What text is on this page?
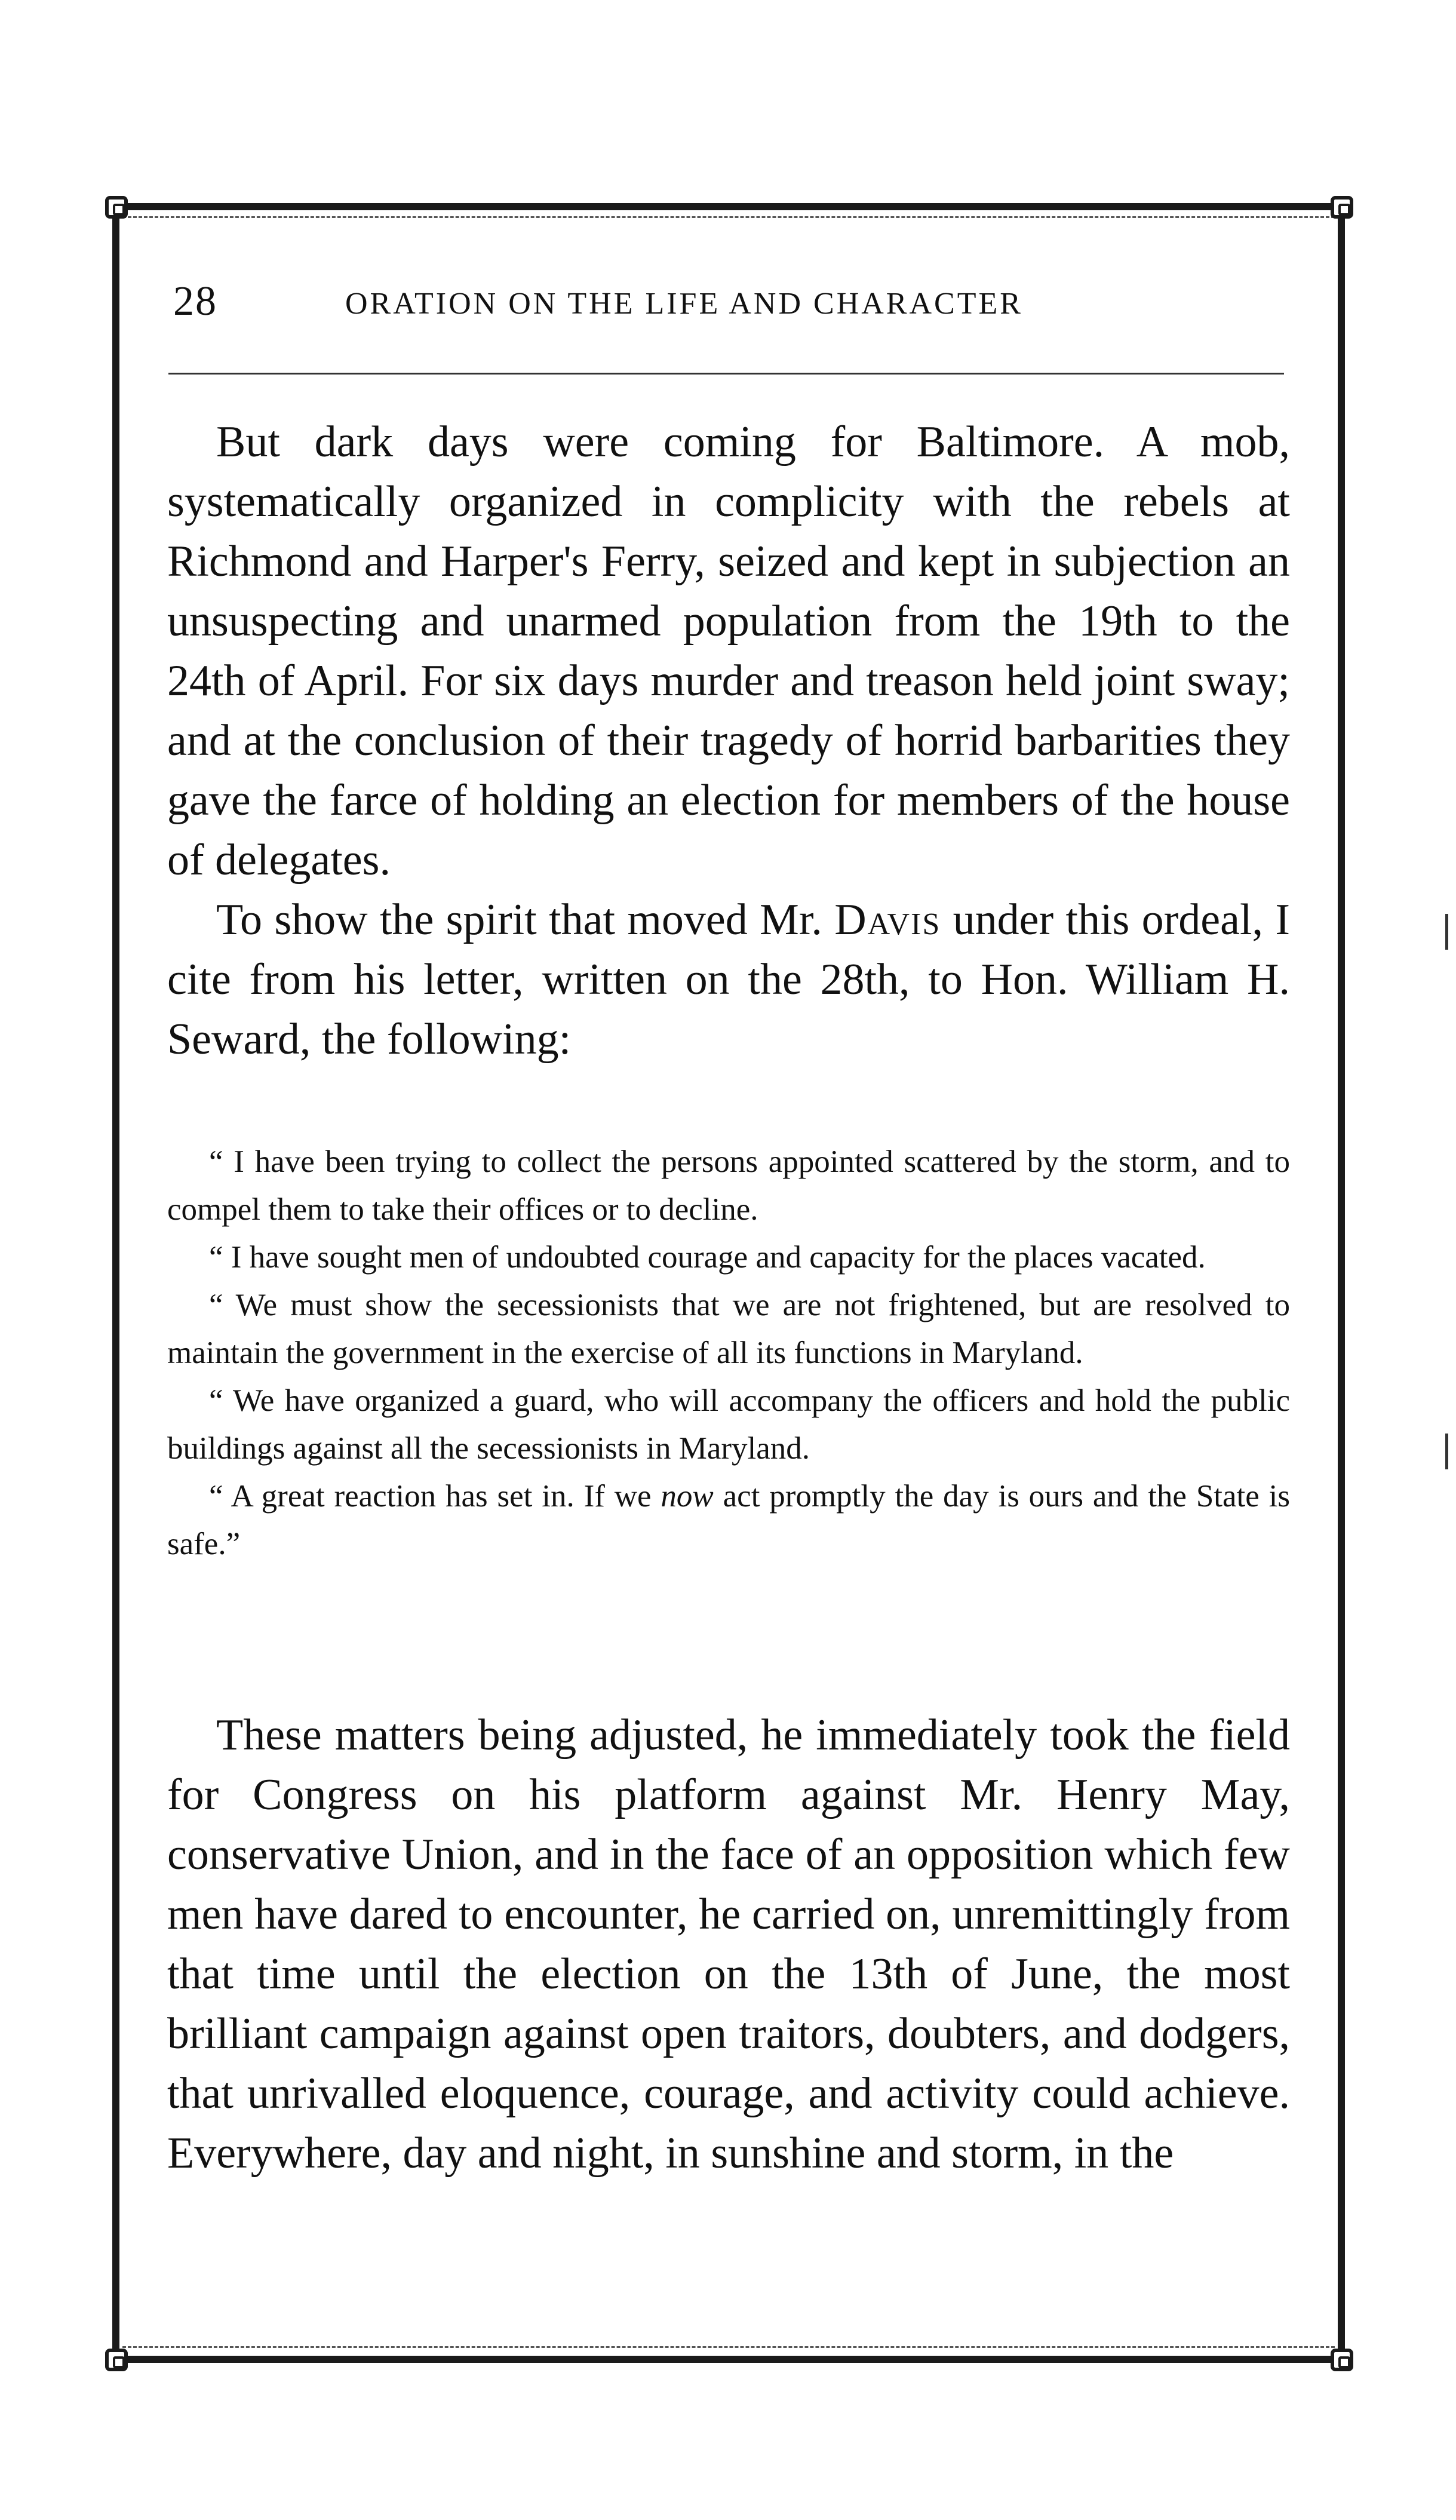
28	ORATION ON THE LIFE AND CHARACTER

But dark days were coming for Baltimore. A mob, systematically organized in complicity with the rebels at Richmond and Harper's Ferry, seized and kept in subjection an unsuspecting and unarmed population from the 19th to the 24th of April. For six days murder and treason held joint sway; and at the conclusion of their tragedy of horrid barbarities they gave the farce of holding an election for members of the house of delegates.

To show the spirit that moved Mr. Davis under this ordeal, I cite from his letter, written on the 28th, to Hon. William H. Seward, the following:

“ I have been trying to collect the persons appointed scattered by the storm, and to compel them to take their offices or to decline.

“ I have sought men of undoubted courage and capacity for the places vacated.

“ We must show the secessionists that we are not frightened, but are resolved to maintain the government in the exercise of all its functions in Maryland.

“ We have organized a guard, who will accompany the officers and hold the public buildings against all the secessionists in Maryland.

“ A great reaction has set in. If we now act promptly the day is ours and the State is safe.”

These matters being adjusted, he immediately took the field for Congress on his platform against Mr. Henry May, conservative Union, and in the face of an opposition which few men have dared to encounter, he carried on, unremittingly from that time until the election on the 13th of June, the most brilliant campaign against open traitors, doubters, and dodgers, that unrivalled eloquence, courage, and activity could achieve. Everywhere, day and night, in sunshine and storm, in the
